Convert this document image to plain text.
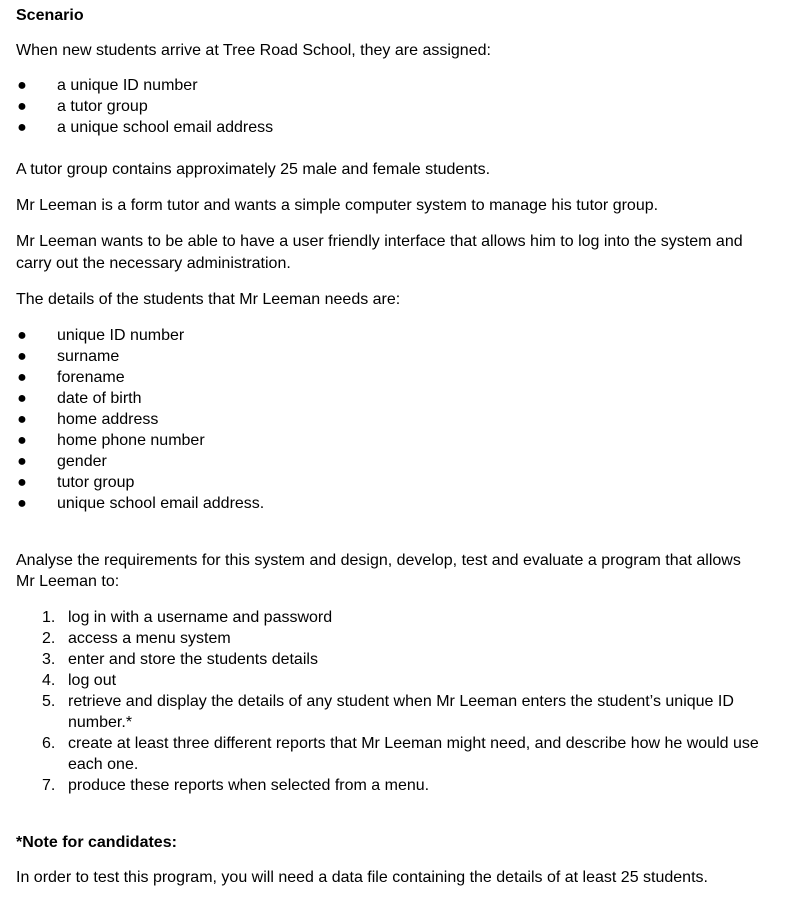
Scenario

When new students arrive at Tree Road School, they are assigned:

● a unique ID number
● a tutor group
● a unique school email address

A tutor group contains approximately 25 male and female students.

Mr Leeman is a form tutor and wants a simple computer system to manage his tutor group.

Mr Leeman wants to be able to have a user friendly interface that allows him to log into the system and carry out the necessary administration.

The details of the students that Mr Leeman needs are:

● unique ID number
● surname
● forename
● date of birth
● home address
● home phone number
● gender
● tutor group
● unique school email address.

Analyse the requirements for this system and design, develop, test and evaluate a program that allows Mr Leeman to:

1. log in with a username and password
2. access a menu system
3. enter and store the students details
4. log out
5. retrieve and display the details of any student when Mr Leeman enters the student’s unique ID number.*
6. create at least three different reports that Mr Leeman might need, and describe how he would use each one.
7. produce these reports when selected from a menu.
*Note for candidates:

In order to test this program, you will need a data file containing the details of at least 25 students.
